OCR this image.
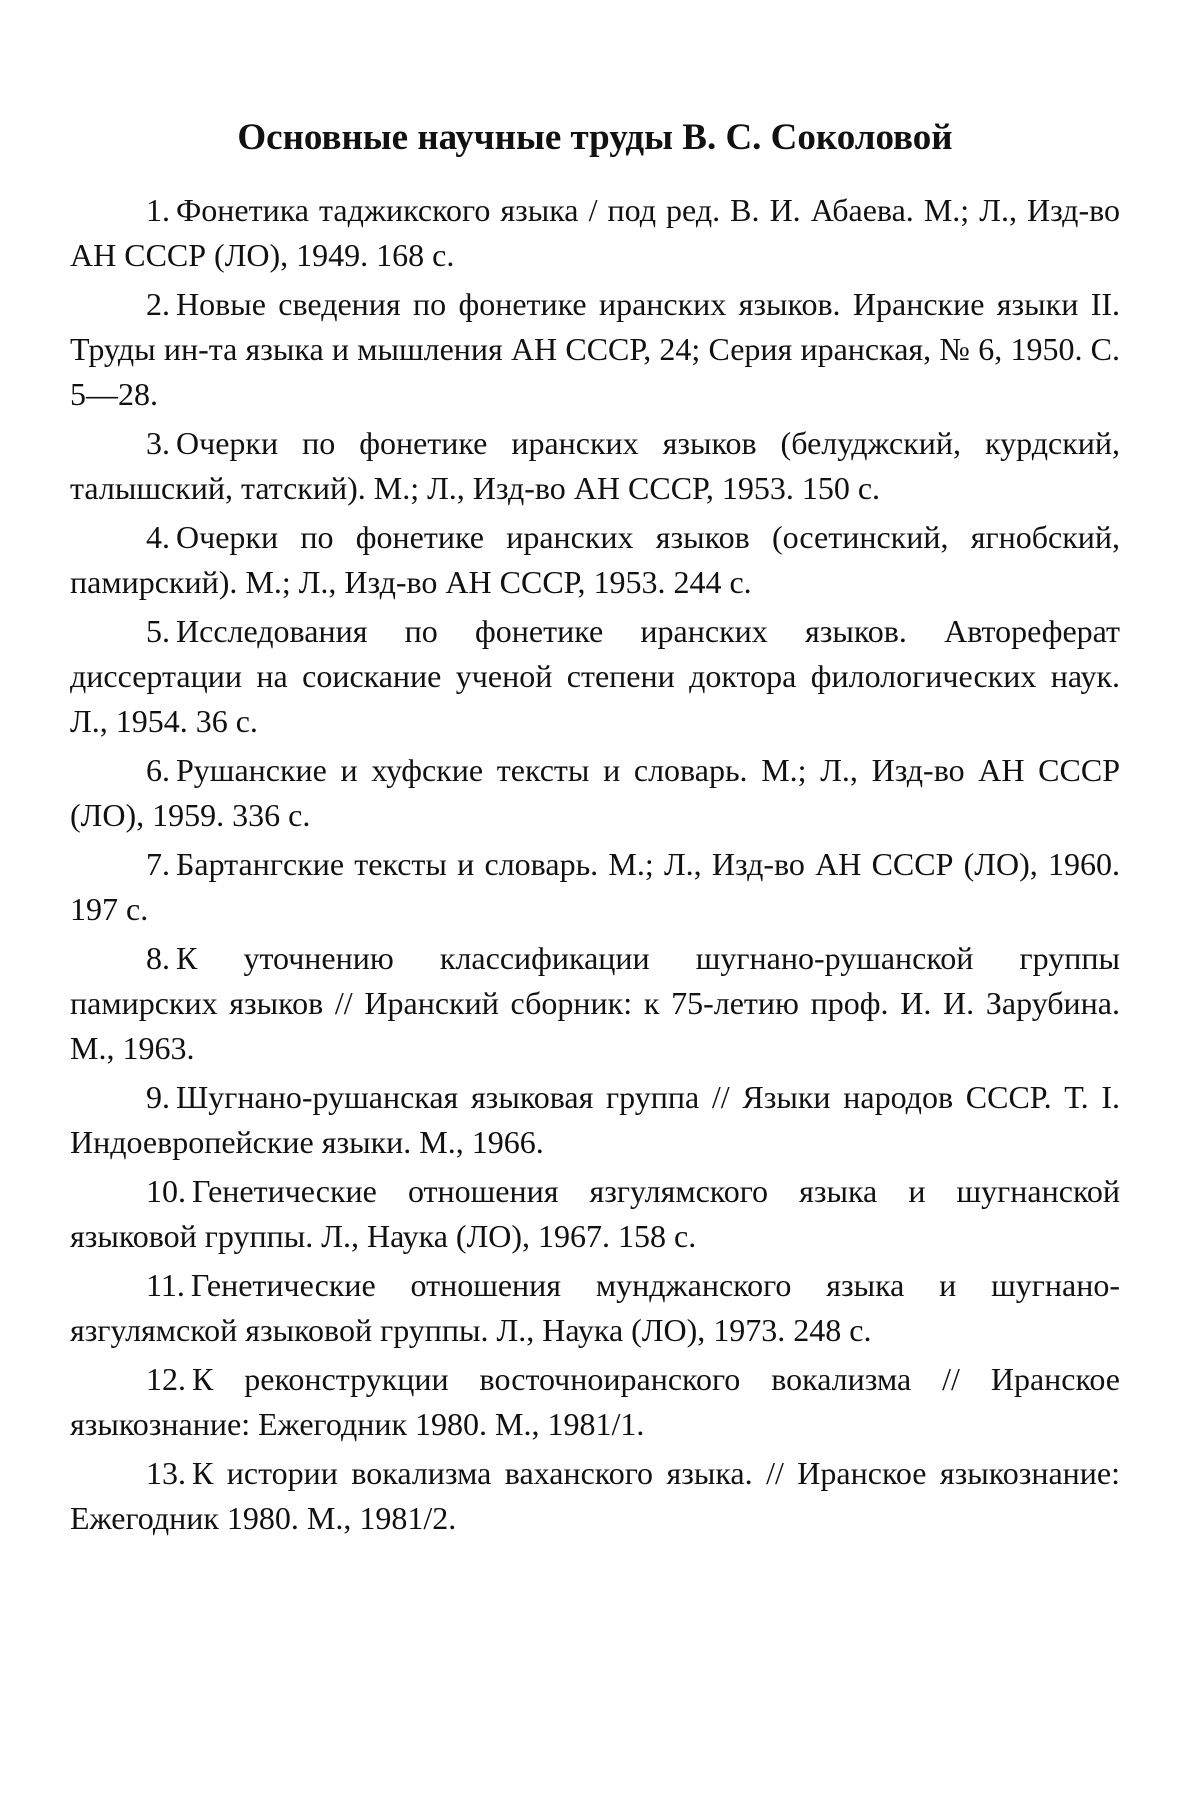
Основные научные труды В. С. Соколовой

1. Фонетика таджикского языка / под ред. В. И. Абаева. М.; Л., Изд-во АН СССР (ЛО), 1949. 168 с.

2. Новые сведения по фонетике иранских языков. Иранские языки II. Труды ин-та языка и мышления АН СССР, 24; Серия иранская, № 6, 1950. С. 5—28.

3. Очерки по фонетике иранских языков (белуджский, курдский, талышский, татский). М.; Л., Изд-во АН СССР, 1953. 150 с.

4. Очерки по фонетике иранских языков (осетинский, ягнобский, памирский). М.; Л., Изд-во АН СССР, 1953. 244 с.

5. Исследования по фонетике иранских языков. Автореферат диссертации на соискание ученой степени доктора филологических наук. Л., 1954. 36 с.

6. Рушанские и хуфские тексты и словарь. М.; Л., Изд-во АН СССР (ЛО), 1959. 336 с.

7. Бартангские тексты и словарь. М.; Л., Изд-во АН СССР (ЛО), 1960. 197 с.

8. К уточнению классификации шугнано-рушанской группы памирских языков // Иранский сборник: к 75-летию проф. И. И. Зарубина. М., 1963.

9. Шугнано-рушанская языковая группа // Языки народов СССР. Т. I. Индоевропейские языки. М., 1966.

10. Генетические отношения язгулямского языка и шугнанской языковой группы. Л., Наука (ЛО), 1967. 158 с.

11. Генетические отношения мунджанского языка и шугнано-язгулямской языковой группы. Л., Наука (ЛО), 1973. 248 с.

12. К реконструкции восточноиранского вокализма // Иранское языкознание: Ежегодник 1980. М., 1981/1.

13. К истории вокализма ваханского языка. // Иранское языкознание: Ежегодник 1980. М., 1981/2.
